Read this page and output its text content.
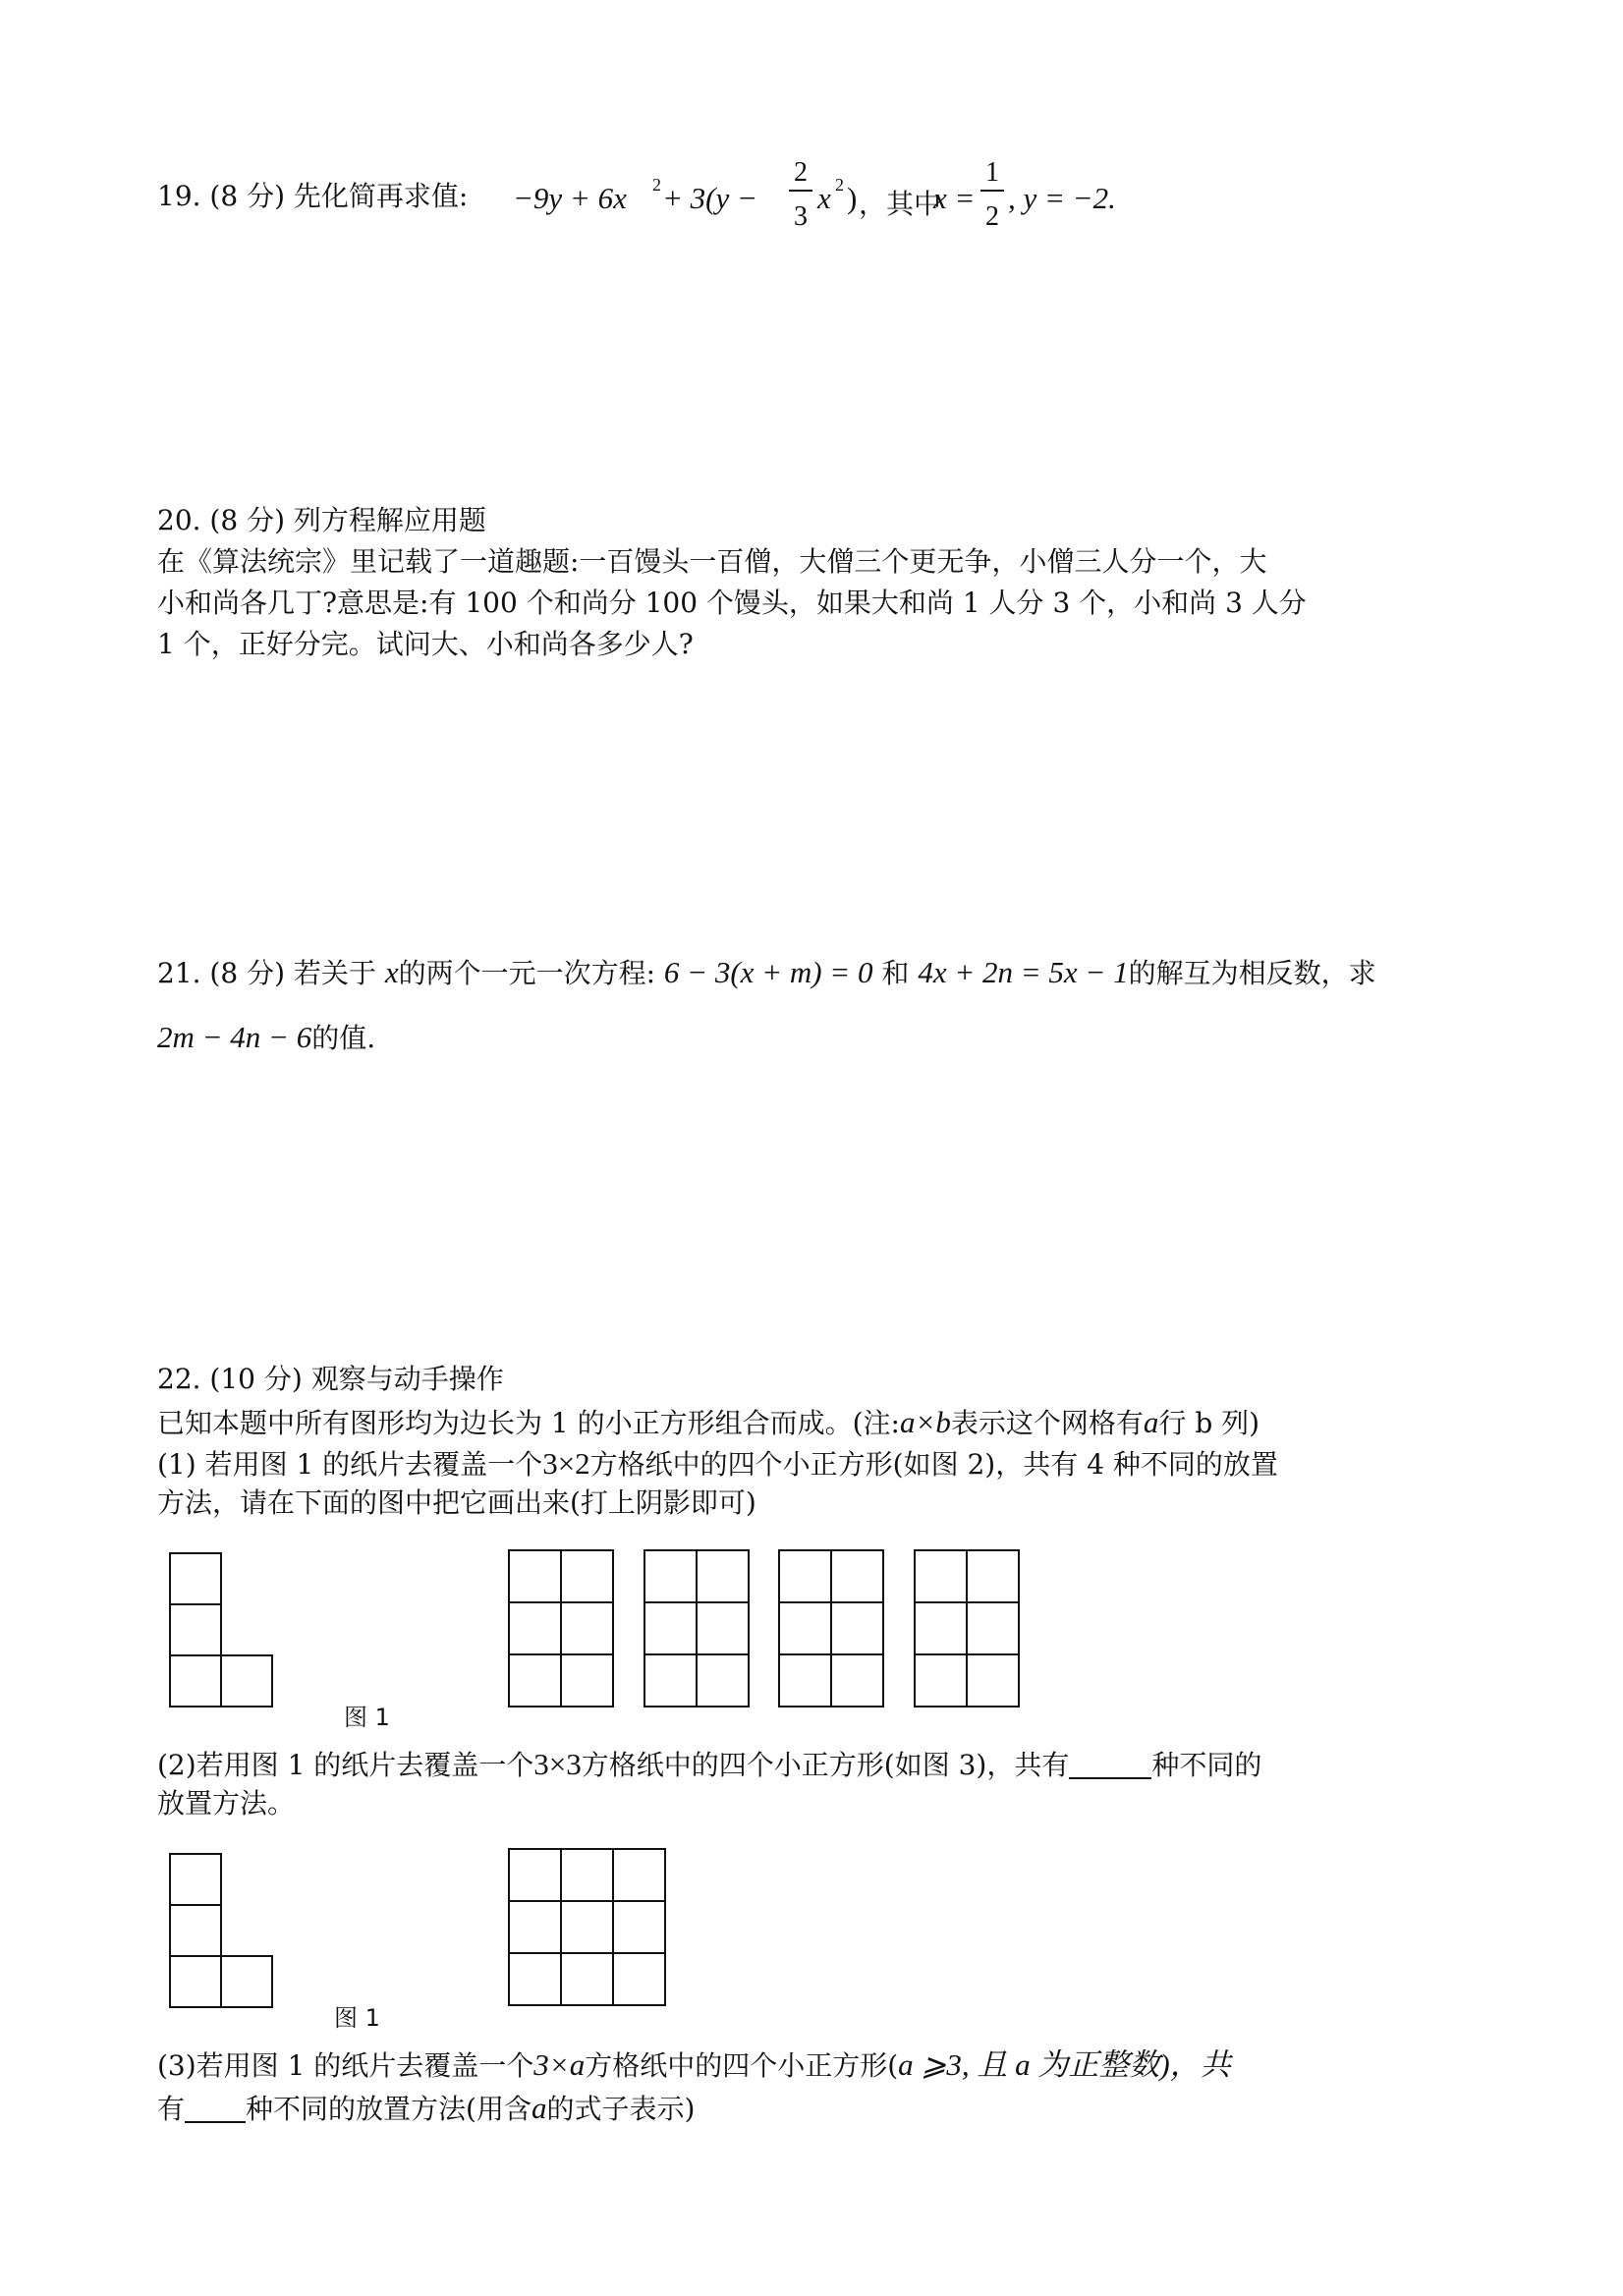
19. (8 分) 先化简再求值: −9y + 6x 2 + 3(y −
2
3
x 2 ) ，其中
x =
1
2
, y = −2.
20. (8 分) 列方程解应用题
在《算法统宗》里记载了一道趣题:一百馒头一百僧，大僧三个更无争，小僧三人分一个，大
小和尚各几丁?意思是:有 100 个和尚分 100 个馒头，如果大和尚 1 人分 3 个，小和尚 3 人分
1 个，正好分完。试问大、小和尚各多少人?
21. (8 分) 若关于 x的两个一元一次方程: 6 − 3(x + m) = 0 和 4x + 2n = 5x − 1的解互为相反数，求
2m − 4n − 6的值.
22. (10 分) 观察与动手操作
已知本题中所有图形均为边长为 1 的小正方形组合而成。(注:a×b表示这个网格有a行 b 列)
(1) 若用图 1 的纸片去覆盖一个3×2方格纸中的四个小正方形(如图 2)，共有 4 种不同的放置
方法，请在下面的图中把它画出来(打上阴影即可)
图 1
(2)若用图 1 的纸片去覆盖一个3×3方格纸中的四个小正方形(如图 3)，共有	种不同的
放置方法。
图 1
(3)若用图 1 的纸片去覆盖一个3×a方格纸中的四个小正方形(a ⩾3, 且 a 为正整数)，共
有 种不同的放置方法(用含a的式子表示)
